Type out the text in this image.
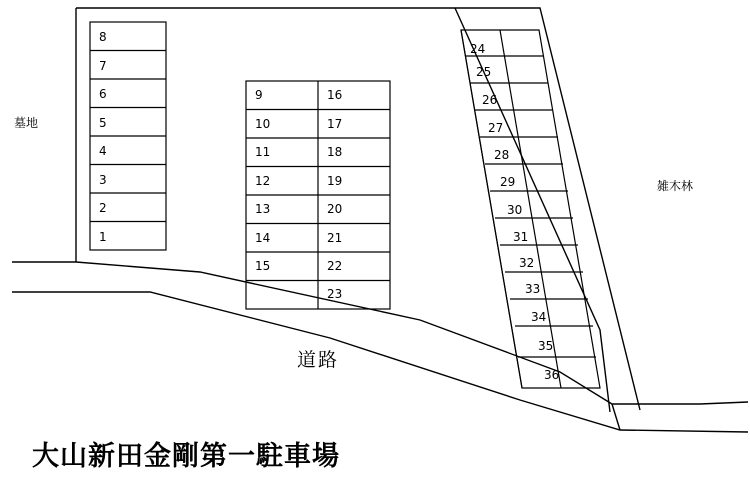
8
7
6
5
4
3
2
1
9
10
11
12
13
14
15
16
17
18
19
20
21
22
23
24
25
26
27
28
29
30
31
32
33
34
35
36
墓地
雑木林
道路
大山新田金剛第一駐車場
